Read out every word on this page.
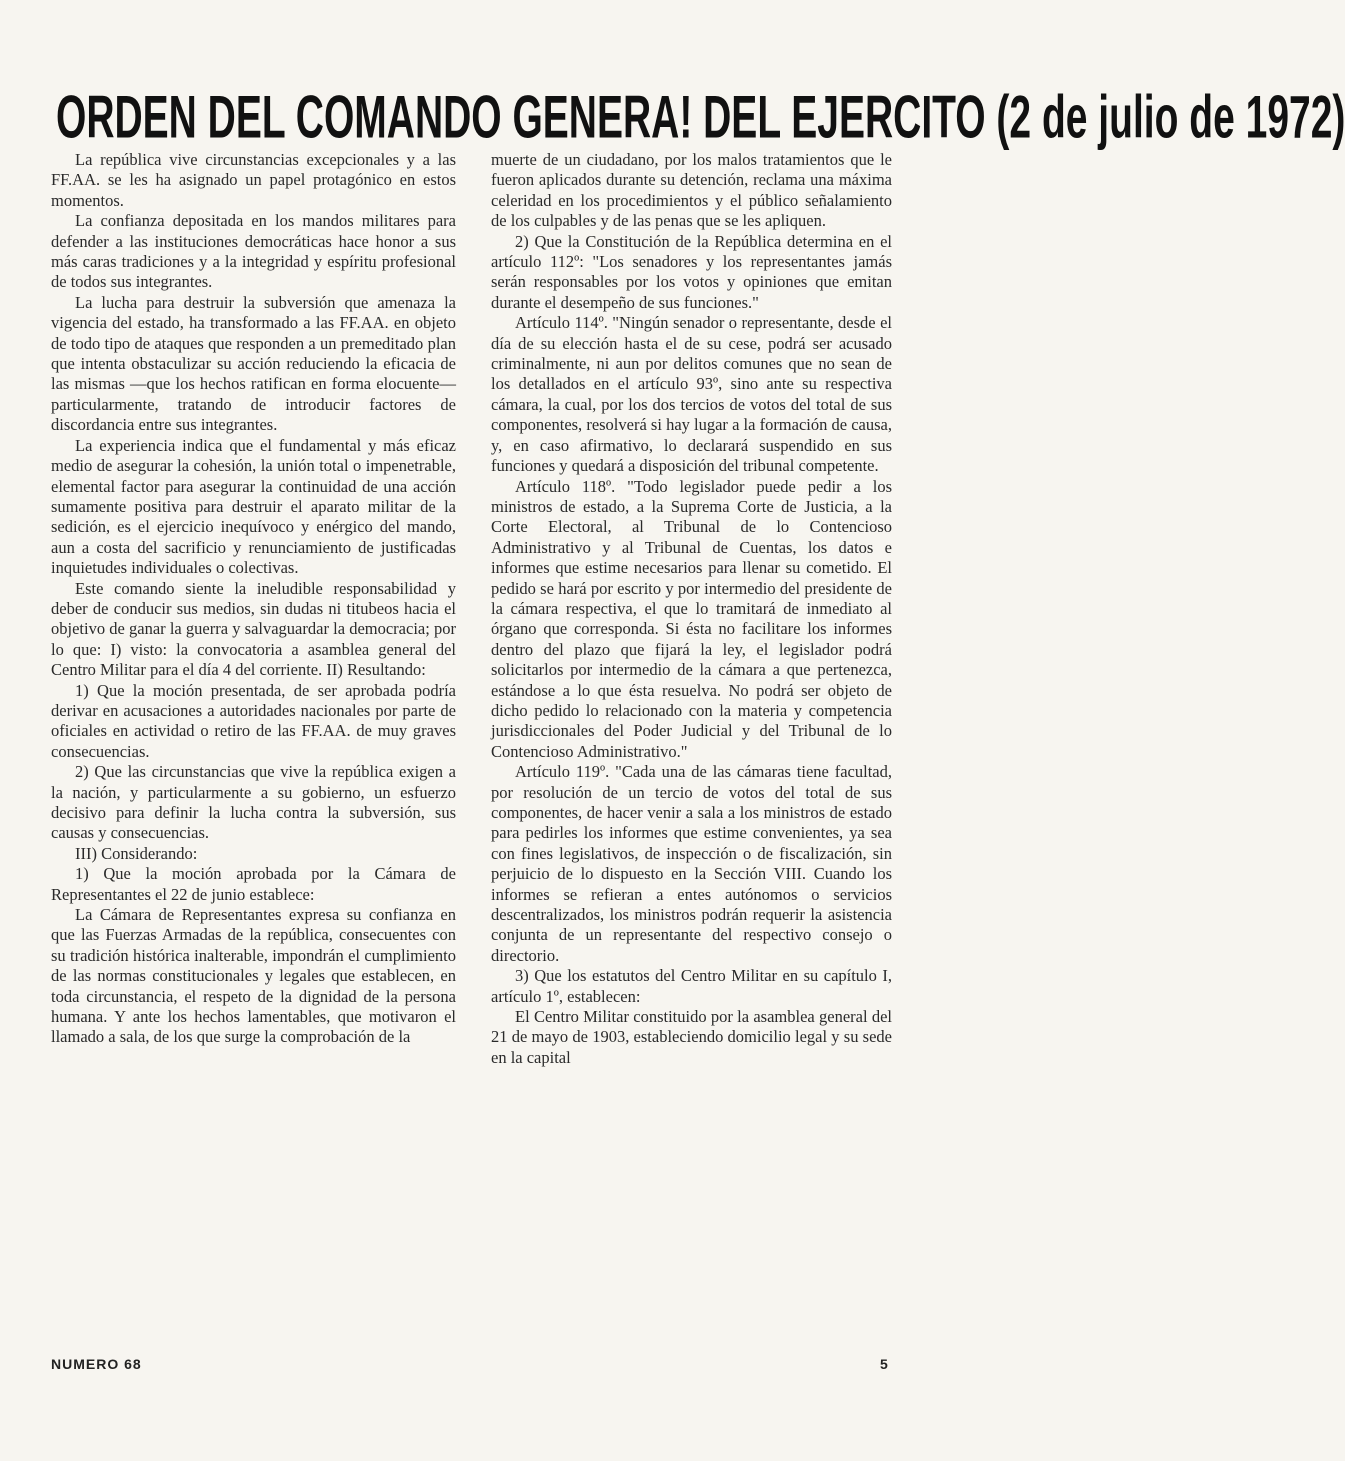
ORDEN DEL COMANDO GENERA! DEL EJERCITO (2 de julio de 1972)

La república vive circunstancias excepcionales y a las FF.AA. se les ha asignado un papel protagónico en estos momentos.

La confianza depositada en los mandos militares para defender a las instituciones democráticas hace honor a sus más caras tradiciones y a la integridad y espíritu profesional de todos sus integrantes.

La lucha para destruir la subversión que amenaza la vigencia del estado, ha transformado a las FF.AA. en objeto de todo tipo de ataques que responden a un premeditado plan que intenta obstaculizar su acción reduciendo la eficacia de las mismas —que los hechos ratifican en forma elocuente— particularmente, tratando de introducir factores de discordancia entre sus integrantes.

La experiencia indica que el fundamental y más eficaz medio de asegurar la cohesión, la unión total o impenetrable, elemental factor para asegurar la continuidad de una acción sumamente positiva para destruir el aparato militar de la sedición, es el ejercicio inequívoco y enérgico del mando, aun a costa del sacrificio y renunciamiento de justificadas inquietudes individuales o colectivas.

Este comando siente la ineludible responsabilidad y deber de conducir sus medios, sin dudas ni titubeos hacia el objetivo de ganar la guerra y salvaguardar la democracia; por lo que: I) visto: la convocatoria a asamblea general del Centro Militar para el día 4 del corriente. II) Resultando:

1) Que la moción presentada, de ser aprobada podría derivar en acusaciones a autoridades nacionales por parte de oficiales en actividad o retiro de las FF.AA. de muy graves consecuencias.

2) Que las circunstancias que vive la república exigen a la nación, y particularmente a su gobierno, un esfuerzo decisivo para definir la lucha contra la subversión, sus causas y consecuencias.

III) Considerando:

1) Que la moción aprobada por la Cámara de Representantes el 22 de junio establece:

La Cámara de Representantes expresa su confianza en que las Fuerzas Armadas de la república, consecuentes con su tradición histórica inalterable, impondrán el cumplimiento de las normas constitucionales y legales que establecen, en toda circunstancia, el respeto de la dignidad de la persona humana. Y ante los hechos lamentables, que motivaron el llamado a sala, de los que surge la comprobación de la

muerte de un ciudadano, por los malos tratamientos que le fueron aplicados durante su detención, reclama una máxima celeridad en los procedimientos y el público señalamiento de los culpables y de las penas que se les apliquen.

2) Que la Constitución de la República determina en el artículo 112º: "Los senadores y los representantes jamás serán responsables por los votos y opiniones que emitan durante el desempeño de sus funciones."

Artículo 114º. "Ningún senador o representante, desde el día de su elección hasta el de su cese, podrá ser acusado criminalmente, ni aun por delitos comunes que no sean de los detallados en el artículo 93º, sino ante su respectiva cámara, la cual, por los dos tercios de votos del total de sus componentes, resolverá si hay lugar a la formación de causa, y, en caso afirmativo, lo declarará suspendido en sus funciones y quedará a disposición del tribunal competente.

Artículo 118º. "Todo legislador puede pedir a los ministros de estado, a la Suprema Corte de Justicia, a la Corte Electoral, al Tribunal de lo Contencioso Administrativo y al Tribunal de Cuentas, los datos e informes que estime necesarios para llenar su cometido. El pedido se hará por escrito y por intermedio del presidente de la cámara respectiva, el que lo tramitará de inmediato al órgano que corresponda. Si ésta no facilitare los informes dentro del plazo que fijará la ley, el legislador podrá solicitarlos por intermedio de la cámara a que pertenezca, estándose a lo que ésta resuelva. No podrá ser objeto de dicho pedido lo relacionado con la materia y competencia jurisdiccionales del Poder Judicial y del Tribunal de lo Contencioso Administrativo."

Artículo 119º. "Cada una de las cámaras tiene facultad, por resolución de un tercio de votos del total de sus componentes, de hacer venir a sala a los ministros de estado para pedirles los informes que estime convenientes, ya sea con fines legislativos, de inspección o de fiscalización, sin perjuicio de lo dispuesto en la Sección VIII. Cuando los informes se refieran a entes autónomos o servicios descentralizados, los ministros podrán requerir la asistencia conjunta de un representante del respectivo consejo o directorio.

3) Que los estatutos del Centro Militar en su capítulo I, artículo 1º, establecen:

El Centro Militar constituido por la asamblea general del 21 de mayo de 1903, estableciendo domicilio legal y su sede en la capital

NUMERO 68	5
